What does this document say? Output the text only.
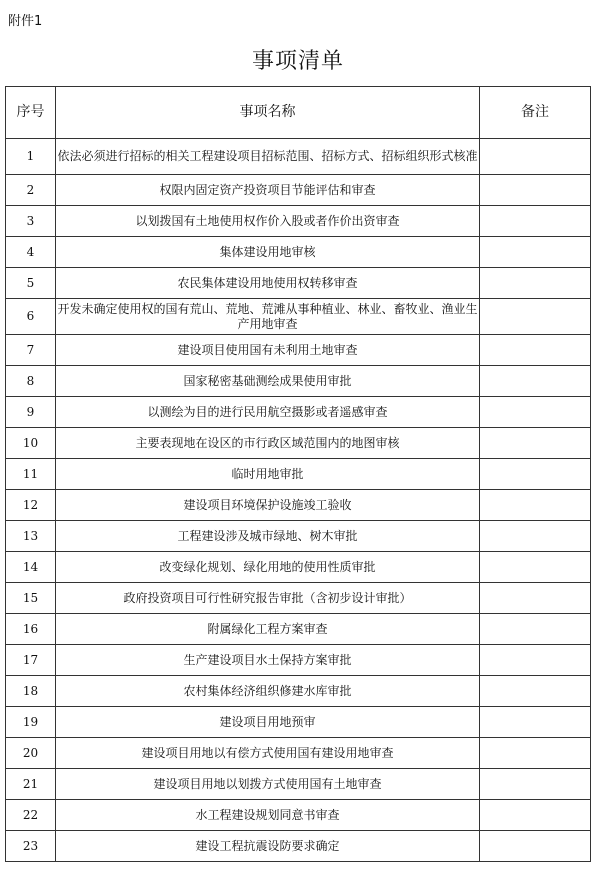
附件1
事项清单
序号	事项名称	备注
1	依法必须进行招标的相关工程建设项目招标范围、招标方式、招标组织形式核准	
2	权限内固定资产投资项目节能评估和审查	
3	以划拨国有土地使用权作价入股或者作价出资审查	
4	集体建设用地审核	
5	农民集体建设用地使用权转移审查	
6	开发未确定使用权的国有荒山、荒地、荒滩从事种植业、林业、畜牧业、渔业生产用地审查	
7	建设项目使用国有未利用土地审查	
8	国家秘密基础测绘成果使用审批	
9	以测绘为目的进行民用航空摄影或者遥感审查	
10	主要表现地在设区的市行政区域范围内的地图审核	
11	临时用地审批	
12	建设项目环境保护设施竣工验收	
13	工程建设涉及城市绿地、树木审批	
14	改变绿化规划、绿化用地的使用性质审批	
15	政府投资项目可行性研究报告审批（含初步设计审批）	
16	附属绿化工程方案审查	
17	生产建设项目水土保持方案审批	
18	农村集体经济组织修建水库审批	
19	建设项目用地预审	
20	建设项目用地以有偿方式使用国有建设用地审查	
21	建设项目用地以划拨方式使用国有土地审查	
22	水工程建设规划同意书审查	
23	建设工程抗震设防要求确定	
